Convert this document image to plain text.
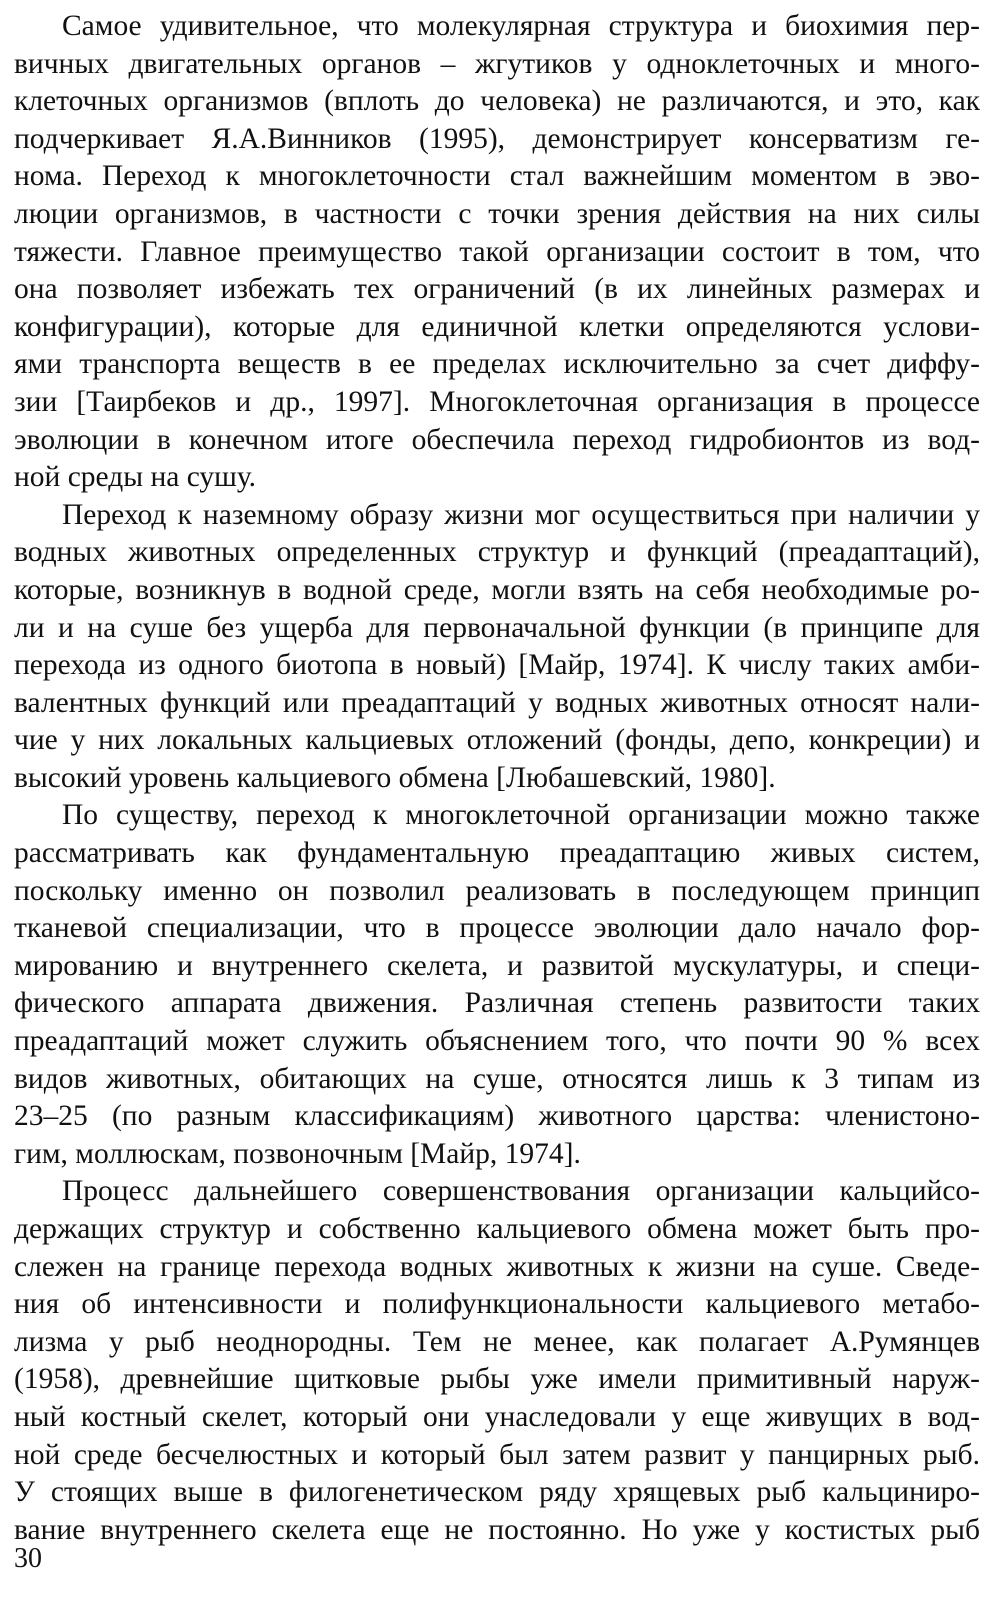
Самое удивительное, что молекулярная структура и биохимия пер-
вичных двигательных органов – жгутиков у одноклеточных и много-
клеточных организмов (вплоть до человека) не различаются, и это, как
подчеркивает Я.А.Винников (1995), демонстрирует консерватизм ге-
нома. Переход к многоклеточности стал важнейшим моментом в эво-
люции организмов, в частности с точки зрения действия на них силы
тяжести. Главное преимущество такой организации состоит в том, что
она позволяет избежать тех ограничений (в их линейных размерах и
конфигурации), которые для единичной клетки определяются услови-
ями транспорта веществ в ее пределах исключительно за счет диффу-
зии [Таирбеков и др., 1997]. Многоклеточная организация в процессе
эволюции в конечном итоге обеспечила переход гидробионтов из вод-
ной среды на сушу.
Переход к наземному образу жизни мог осуществиться при наличии у
водных животных определенных структур и функций (преадаптаций),
которые, возникнув в водной среде, могли взять на себя необходимые ро-
ли и на суше без ущерба для первоначальной функции (в принципе для
перехода из одного биотопа в новый) [Майр, 1974]. К числу таких амби-
валентных функций или преадаптаций у водных животных относят нали-
чие у них локальных кальциевых отложений (фонды, депо, конкреции) и
высокий уровень кальциевого обмена [Любашевский, 1980].
По существу, переход к многоклеточной организации можно также
рассматривать как фундаментальную преадаптацию живых систем,
поскольку именно он позволил реализовать в последующем принцип
тканевой специализации, что в процессе эволюции дало начало фор-
мированию и внутреннего скелета, и развитой мускулатуры, и специ-
фического аппарата движения. Различная степень развитости таких
преадаптаций может служить объяснением того, что почти 90 % всех
видов животных, обитающих на суше, относятся лишь к 3 типам из
23–25 (по разным классификациям) животного царства: членистоно-
гим, моллюскам, позвоночным [Майр, 1974].
Процесс дальнейшего совершенствования организации кальцийсо-
держащих структур и собственно кальциевого обмена может быть про-
слежен на границе перехода водных животных к жизни на суше. Сведе-
ния об интенсивности и полифункциональности кальциевого метабо-
лизма у рыб неоднородны. Тем не менее, как полагает А.Румянцев
(1958), древнейшие щитковые рыбы уже имели примитивный наруж-
ный костный скелет, который они унаследовали у еще живущих в вод-
ной среде бесчелюстных и который был затем развит у панцирных рыб.
У стоящих выше в филогенетическом ряду хрящевых рыб кальциниро-
вание внутреннего скелета еще не постоянно. Но уже у костистых рыб
30
